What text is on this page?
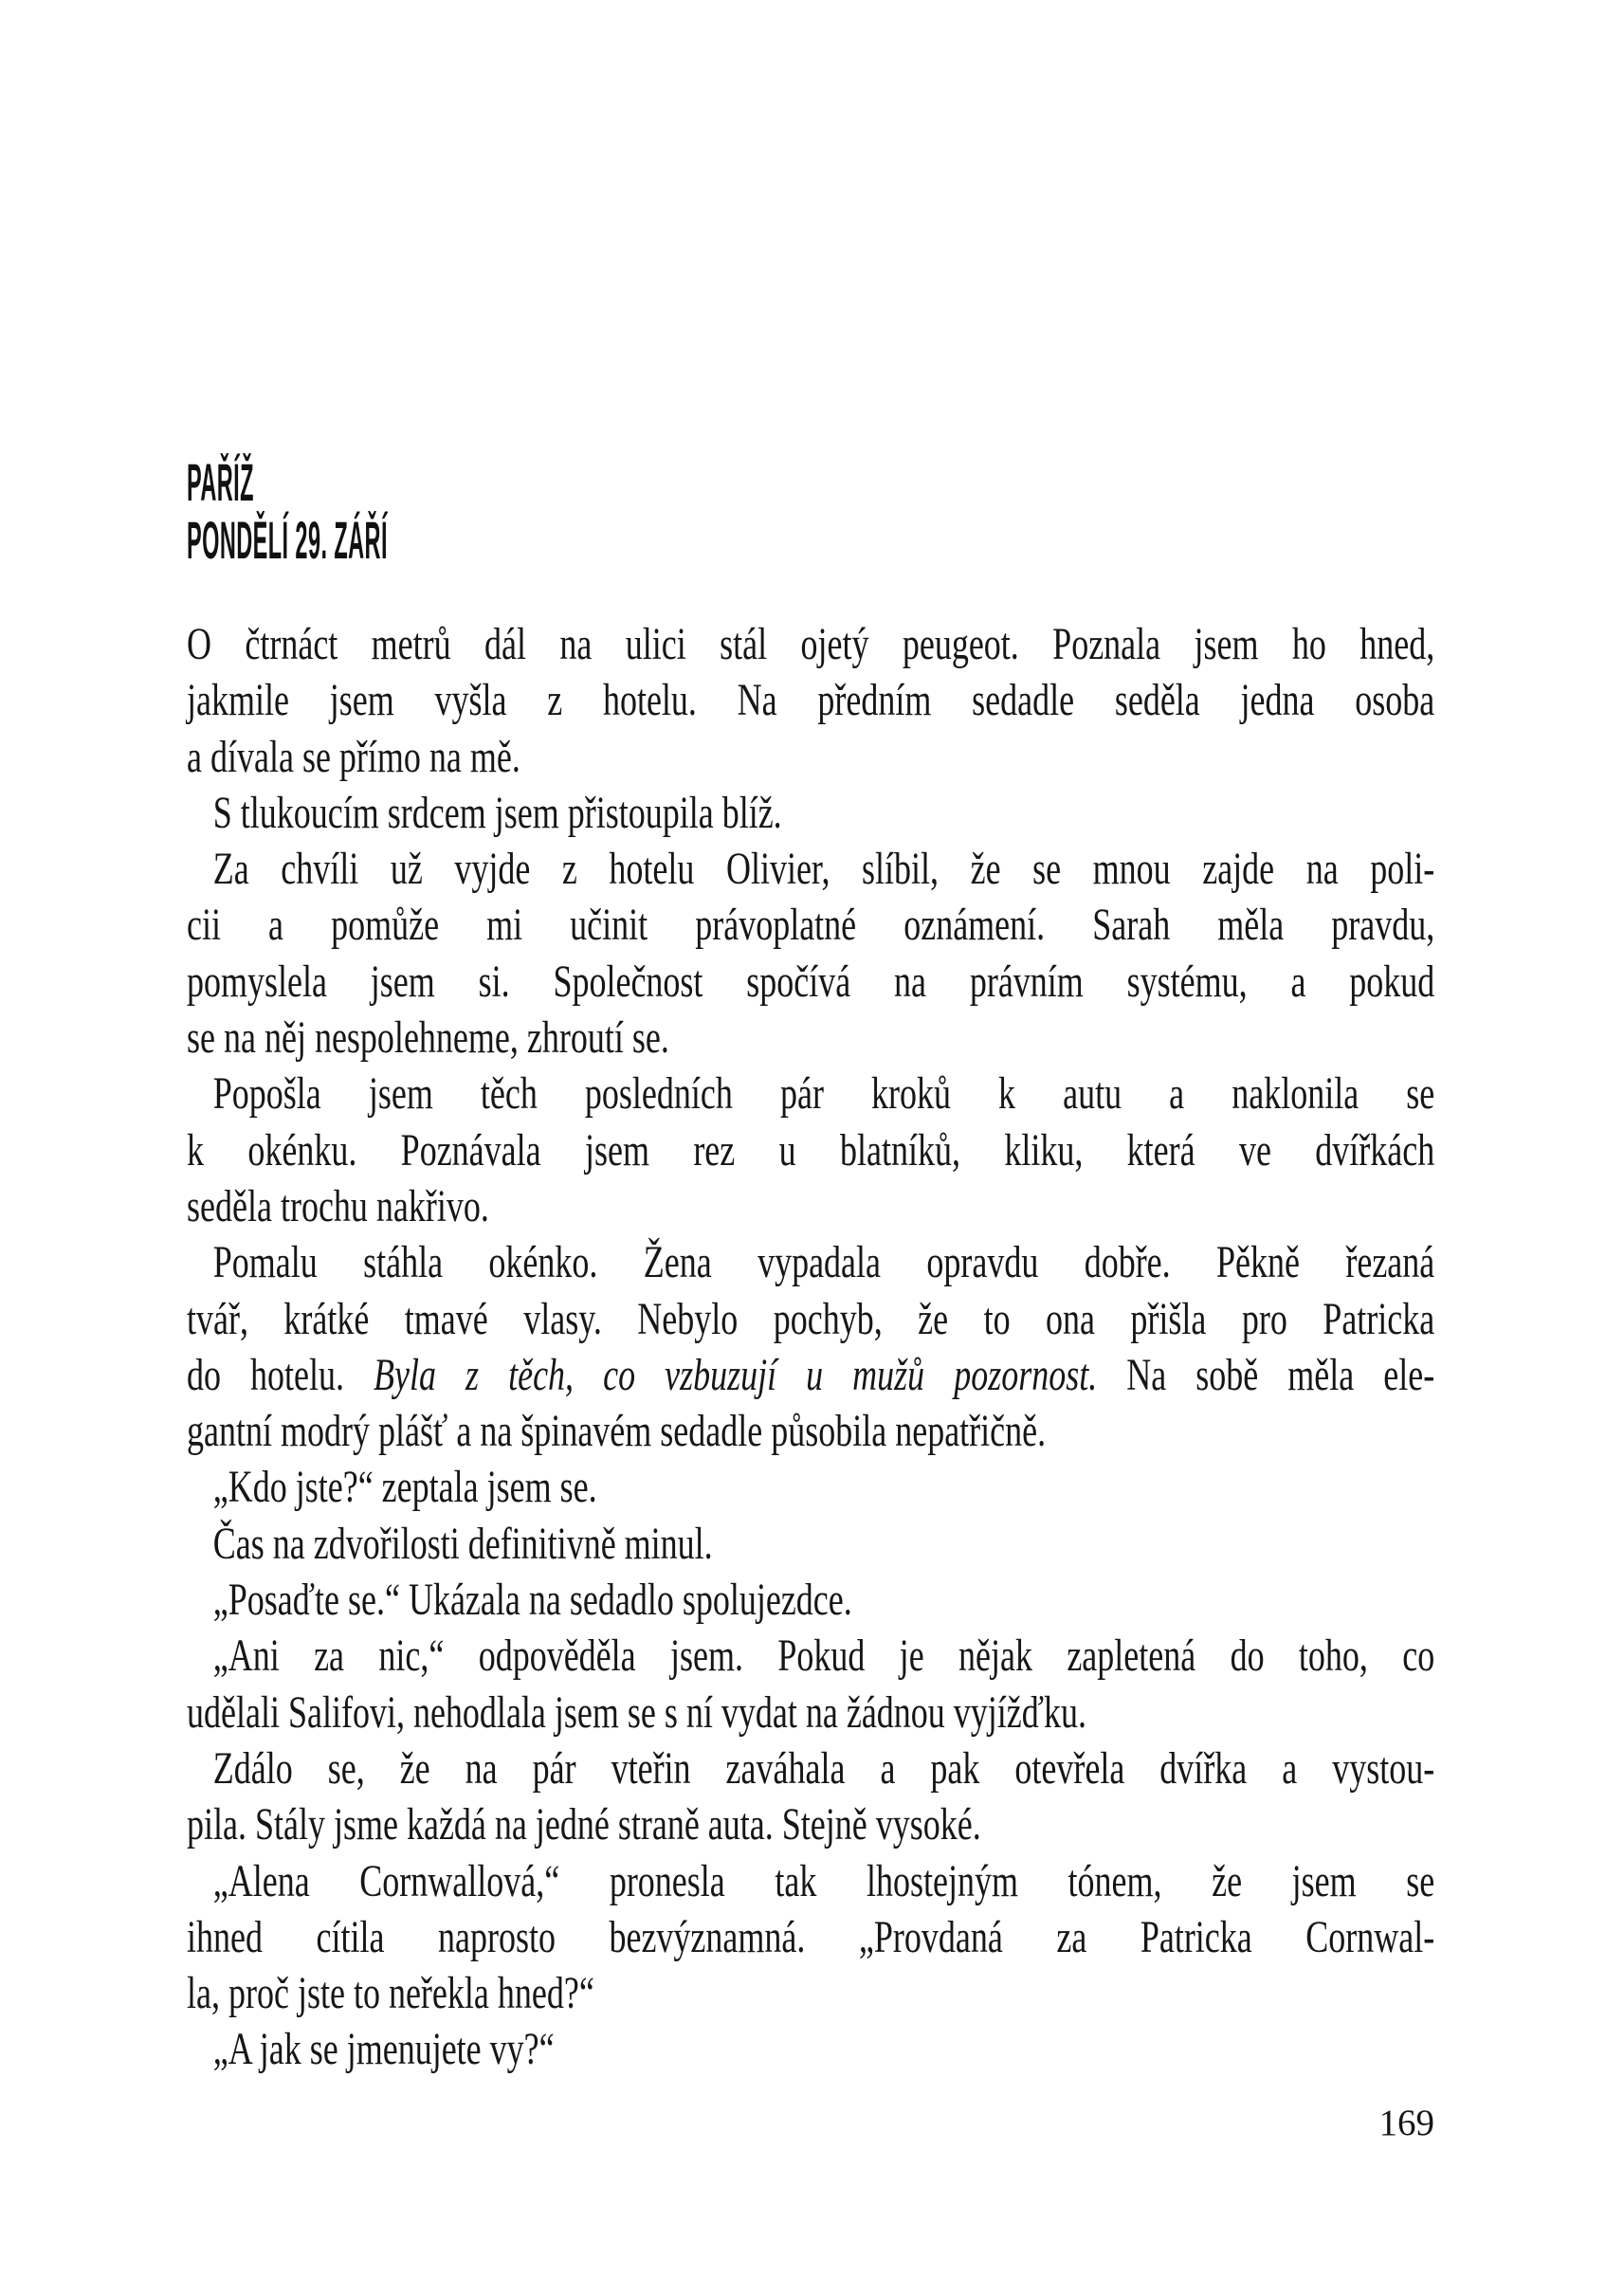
PAŘÍŽ
PONDĚLÍ 29. ZÁŘÍ
O čtrnáct metrů dál na ulici stál ojetý peugeot. Poznala jsem ho hned,
jakmile jsem vyšla z hotelu. Na předním sedadle seděla jedna osoba
a dívala se přímo na mě.
S tlukoucím srdcem jsem přistoupila blíž.
Za chvíli už vyjde z hotelu Olivier, slíbil, že se mnou zajde na poli-
cii a pomůže mi učinit právoplatné oznámení. Sarah měla pravdu,
pomyslela jsem si. Společnost spočívá na právním systému, a pokud
se na něj nespolehneme, zhroutí se.
Popošla jsem těch posledních pár kroků k autu a naklonila se
k okénku. Poznávala jsem rez u blatníků, kliku, která ve dvířkách
seděla trochu nakřivo.
Pomalu stáhla okénko. Žena vypadala opravdu dobře. Pěkně řezaná
tvář, krátké tmavé vlasy. Nebylo pochyb, že to ona přišla pro Patricka
do hotelu. Byla z těch, co vzbuzují u mužů pozornost. Na sobě měla ele-
gantní modrý plášť a na špinavém sedadle působila nepatřičně.
„Kdo jste?“ zeptala jsem se.
Čas na zdvořilosti definitivně minul.
„Posaďte se.“ Ukázala na sedadlo spolujezdce.
„Ani za nic,“ odpověděla jsem. Pokud je nějak zapletená do toho, co
udělali Salifovi, nehodlala jsem se s ní vydat na žádnou vyjížďku.
Zdálo se, že na pár vteřin zaváhala a pak otevřela dvířka a vystou-
pila. Stály jsme každá na jedné straně auta. Stejně vysoké.
„Alena Cornwallová,“ pronesla tak lhostejným tónem, že jsem se
ihned cítila naprosto bezvýznamná. „Provdaná za Patricka Cornwal-
la, proč jste to neřekla hned?“
„A jak se jmenujete vy?“
169
